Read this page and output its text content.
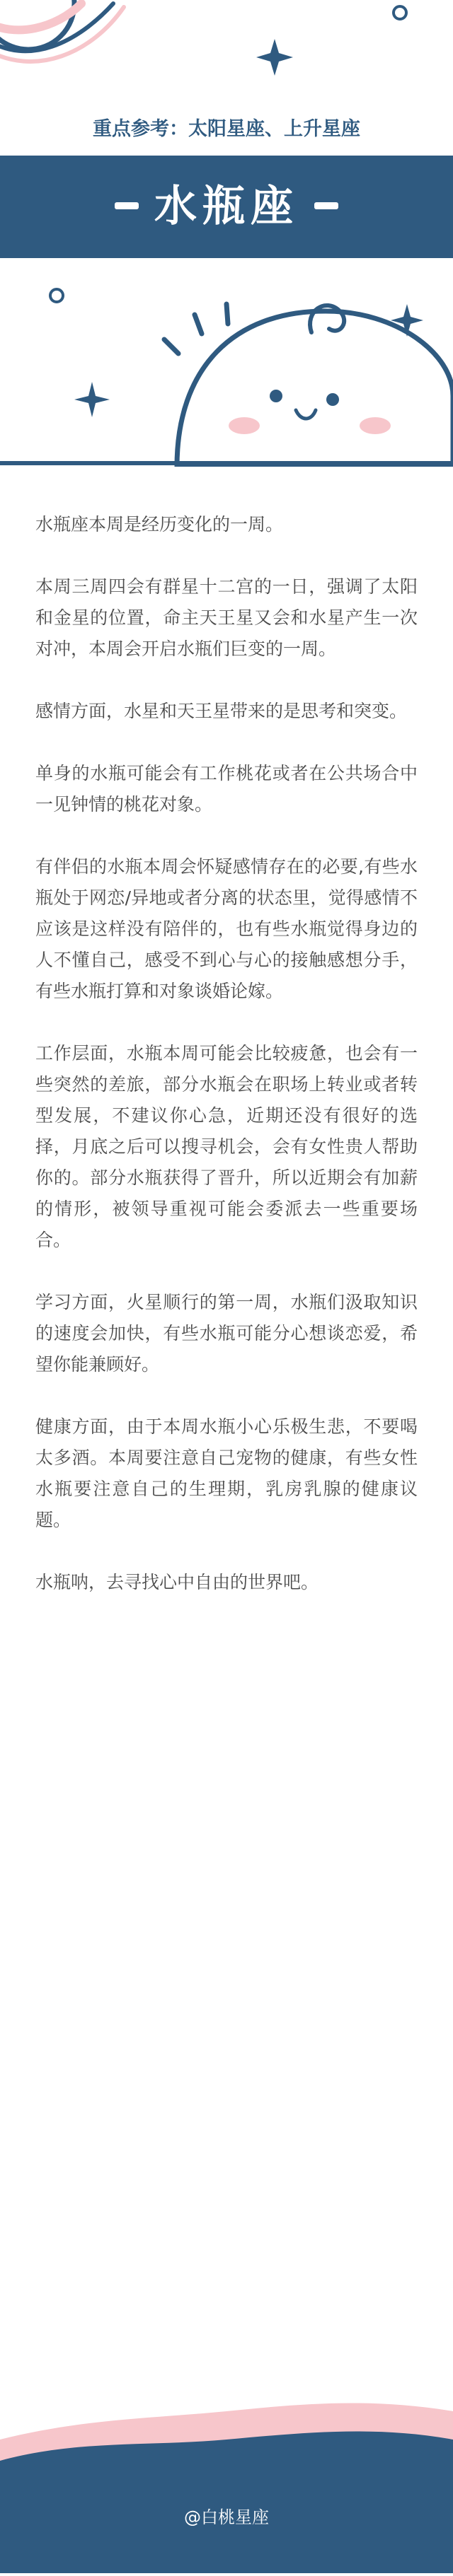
重点参考：太阳星座、上升星座
水瓶座

水瓶座本周是经历变化的一周。

本周三周四会有群星十二宫的一日，强调了太阳和金星的位置，命主天王星又会和水星产生一次对冲，本周会开启水瓶们巨变的一周。

感情方面，水星和天王星带来的是思考和突变。

单身的水瓶可能会有工作桃花或者在公共场合中一见钟情的桃花对象。

有伴侣的水瓶本周会怀疑感情存在的必要,有些水瓶处于网恋/异地或者分离的状态里，觉得感情不应该是这样没有陪伴的，也有些水瓶觉得身边的人不懂自己，感受不到心与心的接触感想分手，有些水瓶打算和对象谈婚论嫁。

工作层面，水瓶本周可能会比较疲惫，也会有一些突然的差旅，部分水瓶会在职场上转业或者转型发展，不建议你心急，近期还没有很好的选择，月底之后可以搜寻机会，会有女性贵人帮助你的。部分水瓶获得了晋升，所以近期会有加薪的情形，被领导重视可能会委派去一些重要场合。

学习方面，火星顺行的第一周，水瓶们汲取知识的速度会加快，有些水瓶可能分心想谈恋爱，希望你能兼顾好。

健康方面，由于本周水瓶小心乐极生悲，不要喝太多酒。本周要注意自己宠物的健康，有些女性水瓶要注意自己的生理期，乳房乳腺的健康议题。

水瓶呐，去寻找心中自由的世界吧。

@白桃星座
